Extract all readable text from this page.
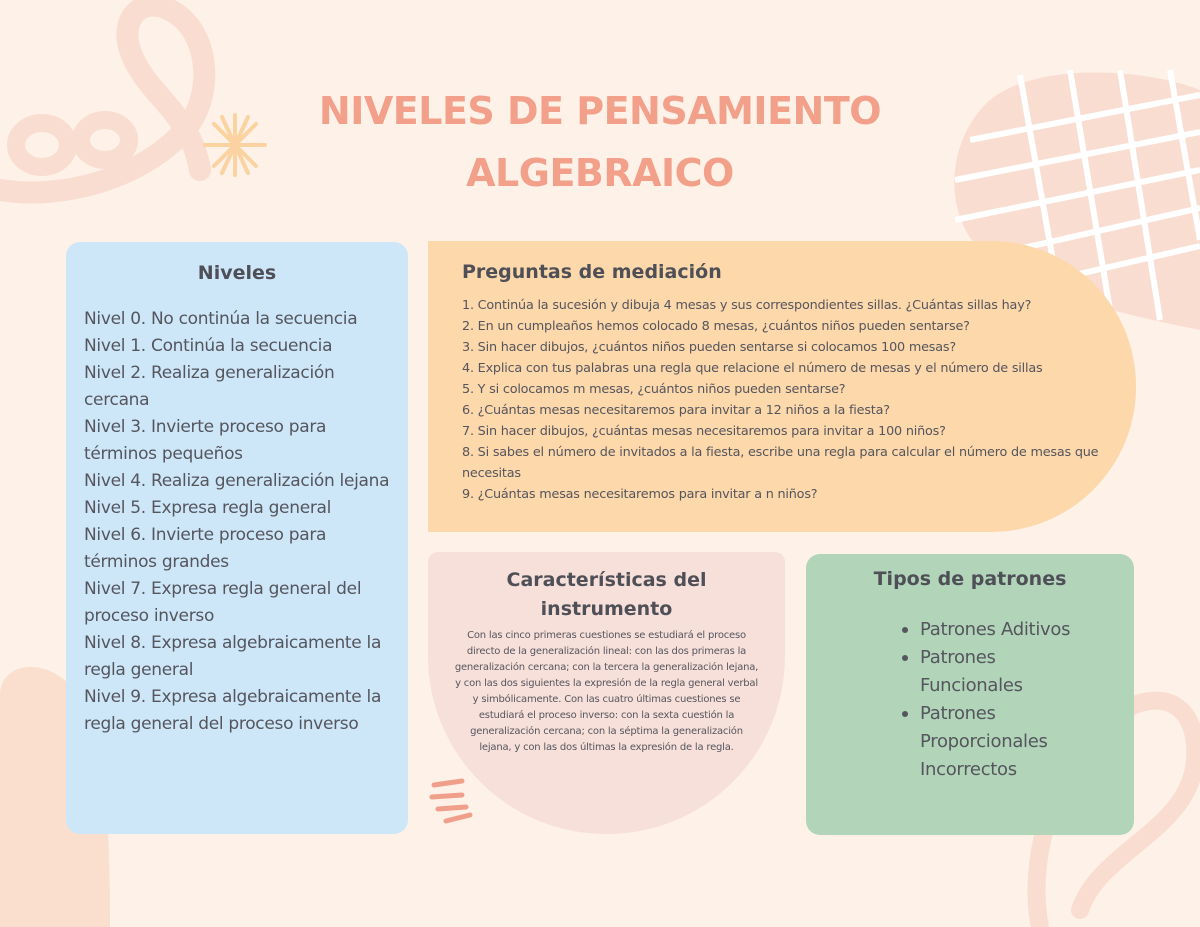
NIVELES DE PENSAMIENTO
ALGEBRAICO
Niveles
Nivel 0. No continúa la secuencia
Nivel 1. Continúa la secuencia
Nivel 2. Realiza generalización cercana
Nivel 3. Invierte proceso para términos pequeños
Nivel 4. Realiza generalización lejana
Nivel 5. Expresa regla general
Nivel 6. Invierte proceso para términos grandes
Nivel 7. Expresa regla general del proceso inverso
Nivel 8. Expresa algebraicamente la regla general
Nivel 9. Expresa algebraicamente la regla general del proceso inverso
Preguntas de mediación
1. Continúa la sucesión y dibuja 4 mesas y sus correspondientes sillas. ¿Cuántas sillas hay?
2. En un cumpleaños hemos colocado 8 mesas, ¿cuántos niños pueden sentarse?
3. Sin hacer dibujos, ¿cuántos niños pueden sentarse si colocamos 100 mesas?
4. Explica con tus palabras una regla que relacione el número de mesas y el número de sillas
5. Y si colocamos m mesas, ¿cuántos niños pueden sentarse?
6. ¿Cuántas mesas necesitaremos para invitar a 12 niños a la fiesta?
7. Sin hacer dibujos, ¿cuántas mesas necesitaremos para invitar a 100 niños?
8. Si sabes el número de invitados a la fiesta, escribe una regla para calcular el número de mesas que necesitas
9. ¿Cuántas mesas necesitaremos para invitar a n niños?
Características del
instrumento

Con las cinco primeras cuestiones se estudiará el proceso directo de la generalización lineal: con las dos primeras la generalización cercana; con la tercera la generalización lejana, y con las dos siguientes la expresión de la regla general verbal y simbólicamente. Con las cuatro últimas cuestiones se estudiará el proceso inverso: con la sexta cuestión la generalización cercana; con la séptima la generalización lejana, y con las dos últimas la expresión de la regla.

Tipos de patrones
Patrones Aditivos
Patrones Funcionales
Patrones Proporcionales Incorrectos
